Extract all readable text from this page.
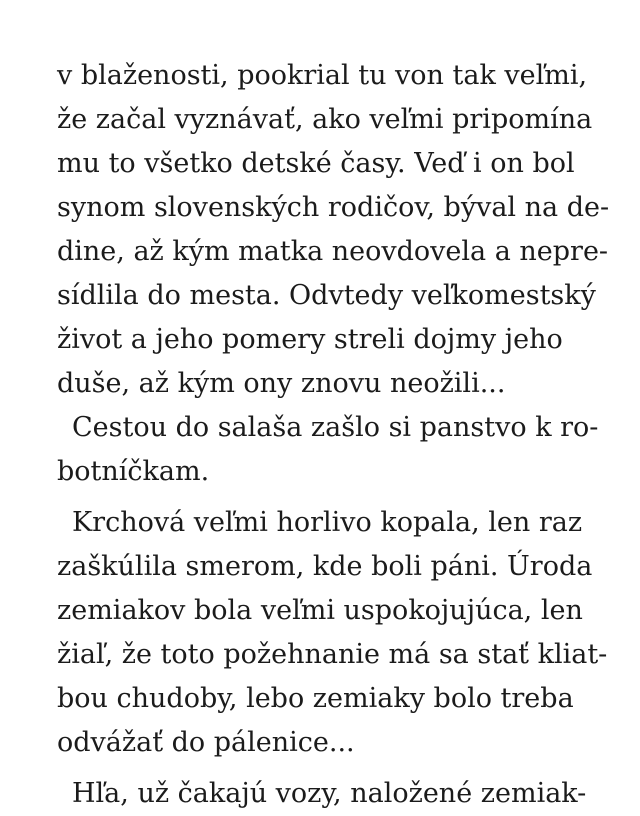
v blaženosti, pookrial tu von tak veľmi,
že začal vyznávať, ako veľmi pripomína
mu to všetko detské časy. Veď i on bol
synom slovenských rodičov, býval na de-
dine, až kým matka neovdovela a nepre-
sídlila do mesta. Odvtedy veľkomestský
život a jeho pomery streli dojmy jeho
duše, až kým ony znovu neožili...
Cestou do salaša zašlo si panstvo k ro-
botníčkam.
Krchová veľmi horlivo kopala, len raz
zaškúlila smerom, kde boli páni. Úroda
zemiakov bola veľmi uspokojujúca, len
žiaľ, že toto požehnanie má sa stať kliat-
bou chudoby, lebo zemiaky bolo treba
odvážať do pálenice...
Hľa, už čakajú vozy, naložené zemiak-
